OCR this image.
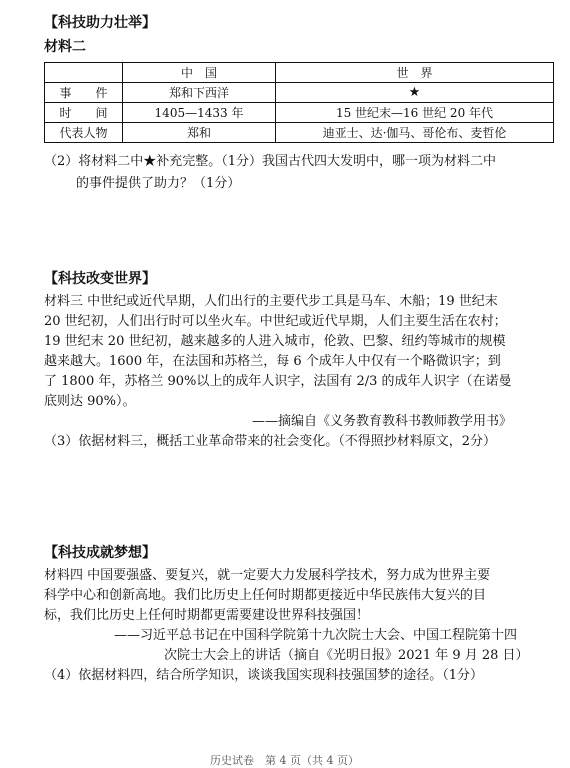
【科技助力壮举】
材料二
	中　国	世　界
事　　件	郑和下西洋	★
时　　间	1405—1433 年	15 世纪末—16 世纪 20 年代
代表人物	郑和	迪亚士、达·伽马、哥伦布、麦哲伦
（2）将材料二中★补充完整。（1分）我国古代四大发明中，哪一项为材料二中
的事件提供了助力？（1分）
【科技改变世界】
材料三 中世纪或近代早期，人们出行的主要代步工具是马车、木船；19 世纪末
20 世纪初，人们出行时可以坐火车。中世纪或近代早期，人们主要生活在农村；
19 世纪末 20 世纪初，越来越多的人进入城市，伦敦、巴黎、纽约等城市的规模
越来越大。1600 年，在法国和苏格兰，每 6 个成年人中仅有一个略微识字；到
了 1800 年，苏格兰 90%以上的成年人识字，法国有 2/3 的成年人识字（在诺曼
底则达 90%）。
——摘编自《义务教育教科书教师教学用书》
（3）依据材料三，概括工业革命带来的社会变化。（不得照抄材料原文，2分）
【科技成就梦想】
材料四 中国要强盛、要复兴，就一定要大力发展科学技术，努力成为世界主要
科学中心和创新高地。我们比历史上任何时期都更接近中华民族伟大复兴的目
标，我们比历史上任何时期都更需要建设世界科技强国！
——习近平总书记在中国科学院第十九次院士大会、中国工程院第十四
次院士大会上的讲话（摘自《光明日报》2021 年 9 月 28 日）
（4）依据材料四，结合所学知识，谈谈我国实现科技强国梦的途径。（1分）
历史试卷　第 4 页（共 4 页）
